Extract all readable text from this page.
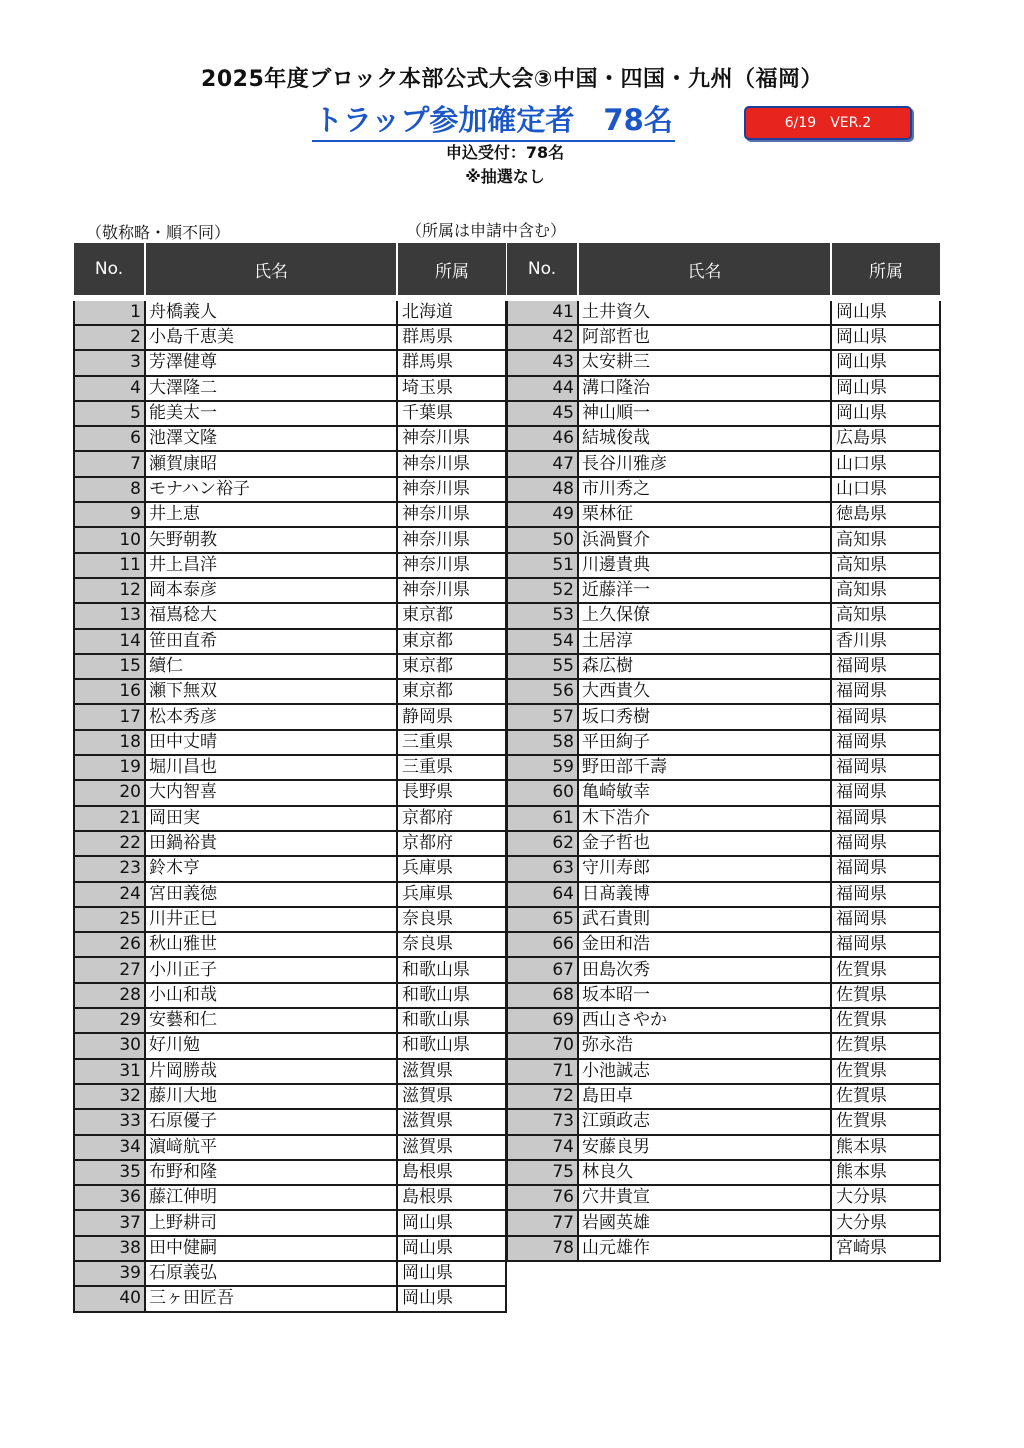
2025年度ブロック本部公式大会③中国・四国・九州（福岡）
トラップ参加確定者　78名	6/19　VER.2
申込受付：78名
※抽選なし
（敬称略・順不同）	（所属は申請中含む）
No.	氏名	所属
1	舟橋義人	北海道
2	小島千恵美	群馬県
3	芳澤健尊	群馬県
4	大澤隆二	埼玉県
5	能美太一	千葉県
6	池澤文隆	神奈川県
7	瀬賀康昭	神奈川県
8	モナハン裕子	神奈川県
9	井上恵	神奈川県
10	矢野朝教	神奈川県
11	井上昌洋	神奈川県
12	岡本泰彦	神奈川県
13	福嶌稔大	東京都
14	笹田直希	東京都
15	續仁	東京都
16	瀬下無双	東京都
17	松本秀彦	静岡県
18	田中丈晴	三重県
19	堀川昌也	三重県
20	大内智喜	長野県
21	岡田実	京都府
22	田鍋裕貴	京都府
23	鈴木亨	兵庫県
24	宮田義徳	兵庫県
25	川井正巳	奈良県
26	秋山雅世	奈良県
27	小川正子	和歌山県
28	小山和哉	和歌山県
29	安藝和仁	和歌山県
30	好川勉	和歌山県
31	片岡勝哉	滋賀県
32	藤川大地	滋賀県
33	石原優子	滋賀県
34	濵﨑航平	滋賀県
35	布野和隆	島根県
36	藤江伸明	島根県
37	上野耕司	岡山県
38	田中健嗣	岡山県
39	石原義弘	岡山県
40	三ヶ田匠吾	岡山県
No.	氏名	所属
41	土井資久	岡山県
42	阿部哲也	岡山県
43	太安耕三	岡山県
44	溝口隆治	岡山県
45	神山順一	岡山県
46	結城俊哉	広島県
47	長谷川雅彦	山口県
48	市川秀之	山口県
49	栗林征	徳島県
50	浜渦賢介	高知県
51	川邊貴典	高知県
52	近藤洋一	高知県
53	上久保僚	高知県
54	土居淳	香川県
55	森広樹	福岡県
56	大西貴久	福岡県
57	坂口秀樹	福岡県
58	平田絢子	福岡県
59	野田部千壽	福岡県
60	亀崎敏幸	福岡県
61	木下浩介	福岡県
62	金子哲也	福岡県
63	守川寿郎	福岡県
64	日髙義博	福岡県
65	武石貴則	福岡県
66	金田和浩	福岡県
67	田島次秀	佐賀県
68	坂本昭一	佐賀県
69	西山さやか	佐賀県
70	弥永浩	佐賀県
71	小池誠志	佐賀県
72	島田卓	佐賀県
73	江頭政志	佐賀県
74	安藤良男	熊本県
75	林良久	熊本県
76	穴井貴宣	大分県
77	岩國英雄	大分県
78	山元雄作	宮崎県
